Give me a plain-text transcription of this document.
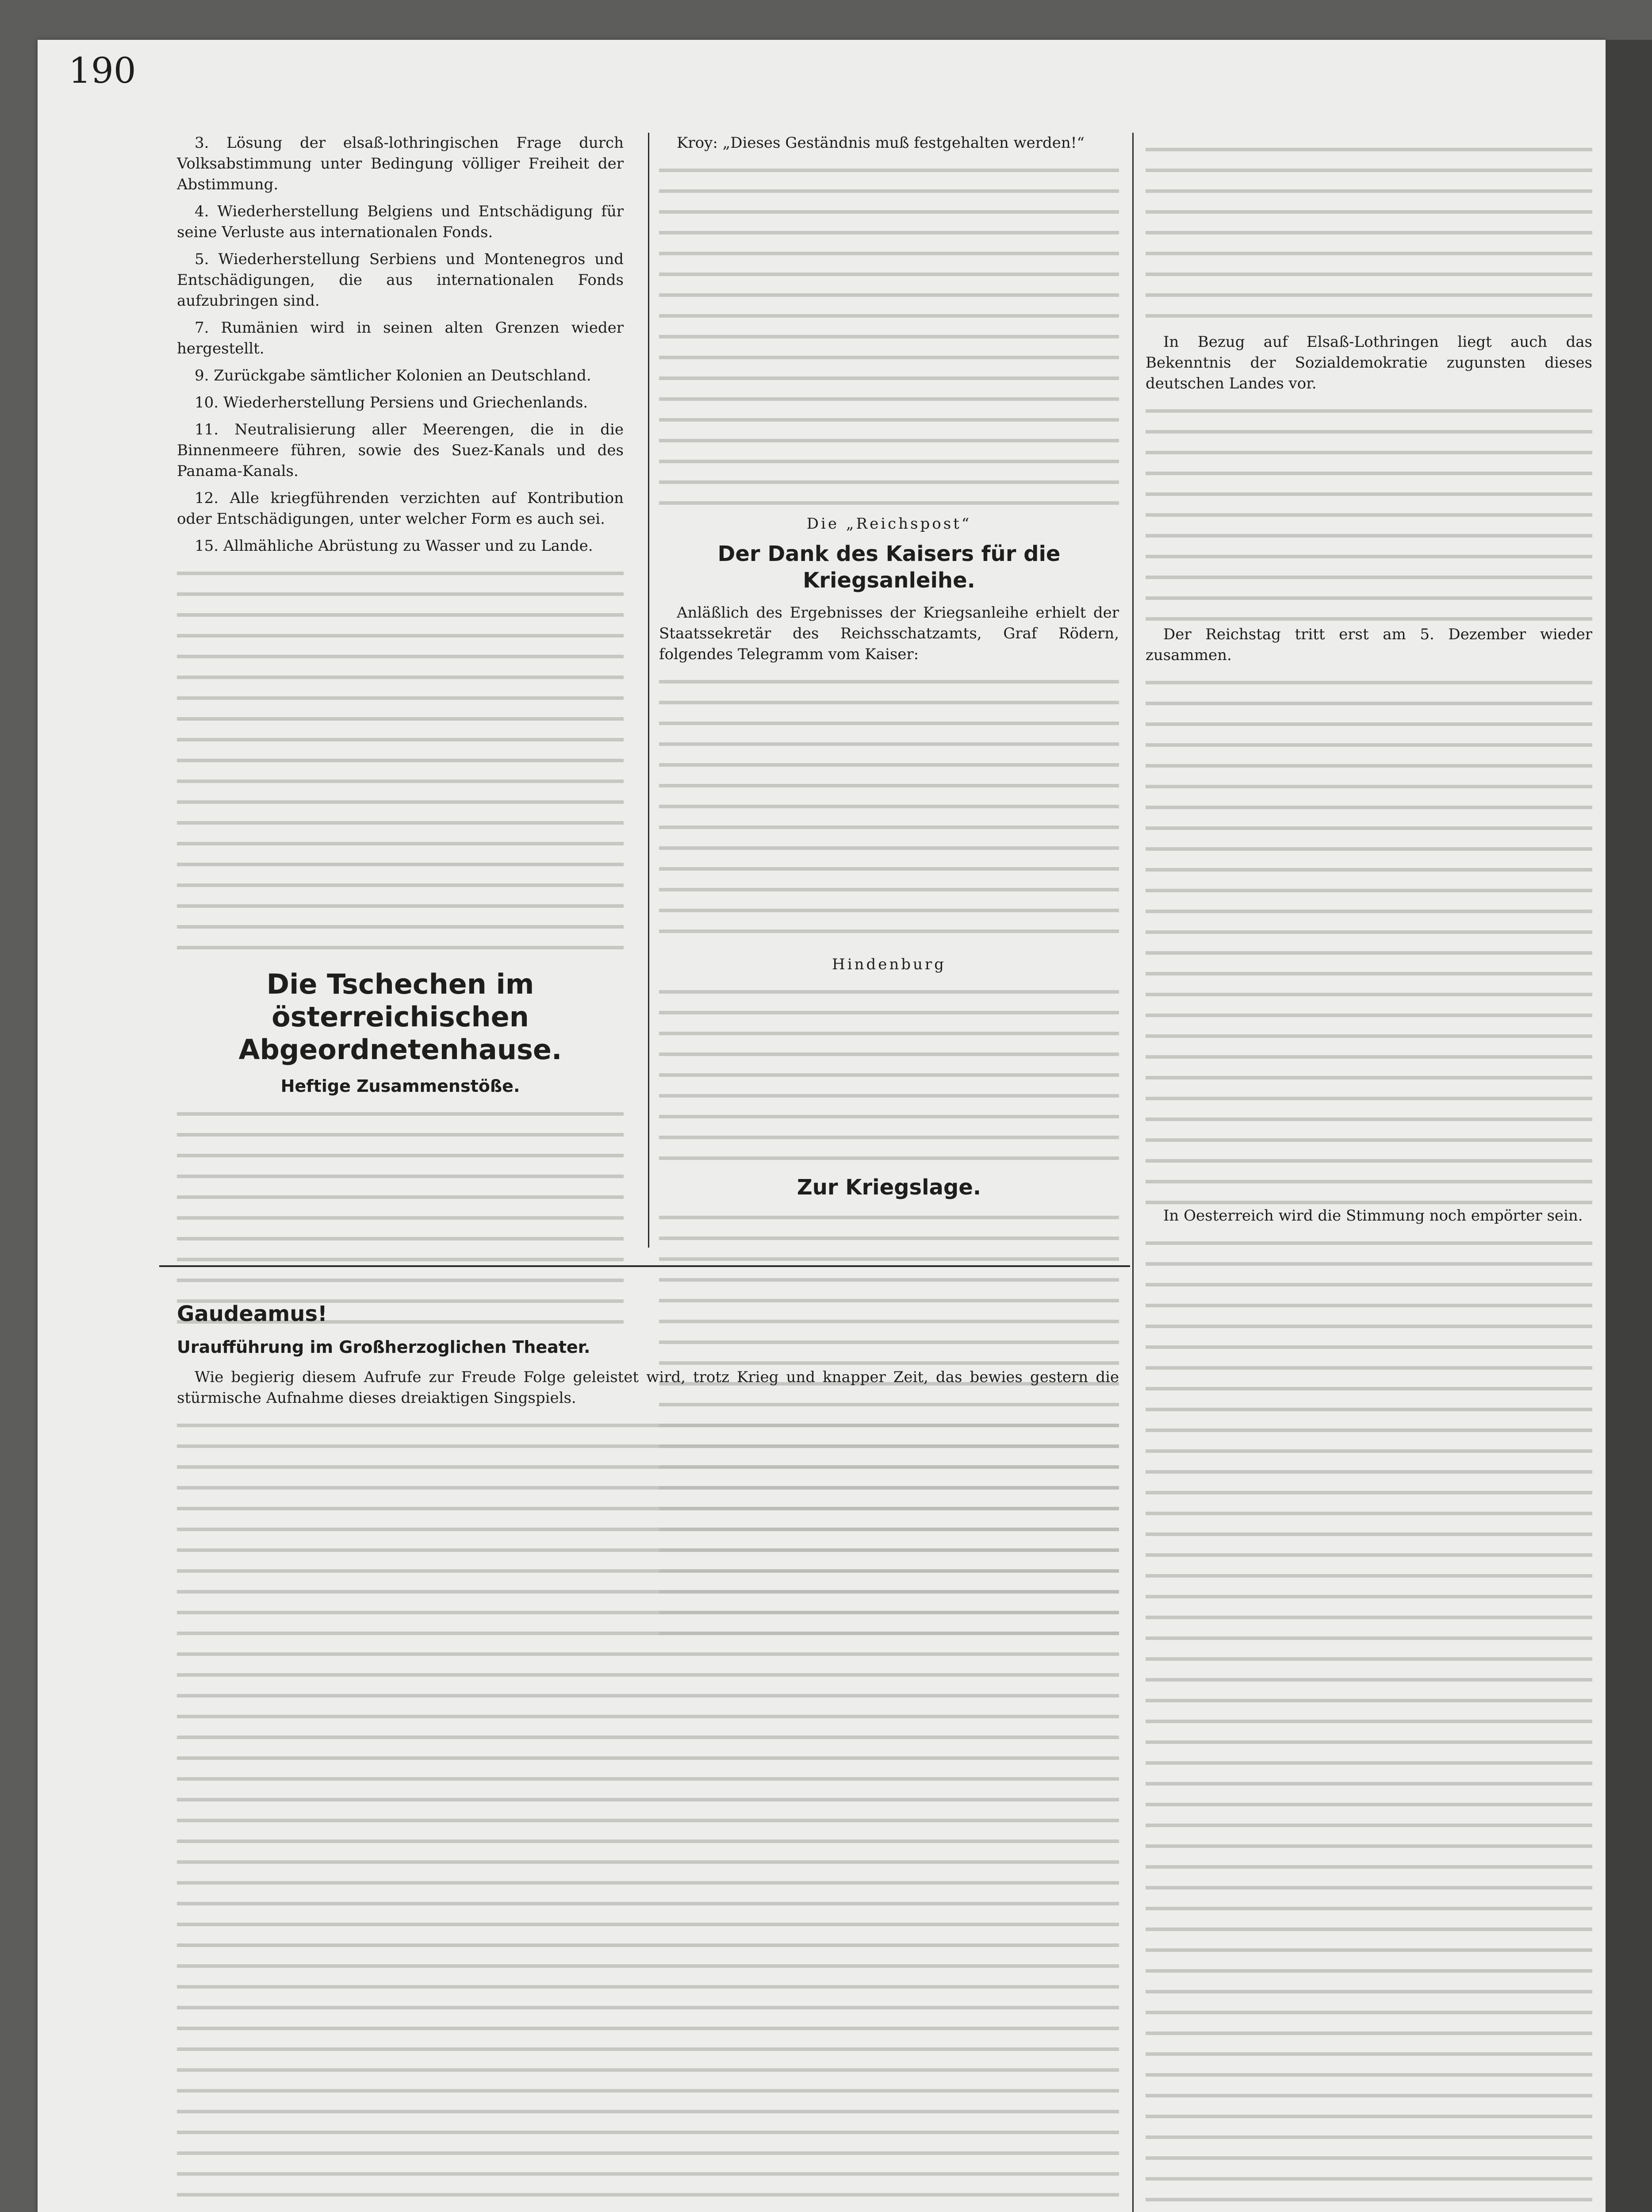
190

3. Lösung der elsaß-lothringischen Frage durch Volksabstimmung unter Bedingung völliger Freiheit der Abstimmung.

4. Wiederherstellung Belgiens und Entschädigung für seine Verluste aus internationalen Fonds.

5. Wiederherstellung Serbiens und Montenegros und Entschädigungen, die aus internationalen Fonds aufzubringen sind.

7. Rumänien wird in seinen alten Grenzen wieder hergestellt.

9. Zurückgabe sämtlicher Kolonien an Deutschland.

10. Wiederherstellung Persiens und Griechenlands.

11. Neutralisierung aller Meerengen, die in die Binnenmeere führen, sowie des Suez-Kanals und des Panama-Kanals.

12. Alle kriegführenden verzichten auf Kontribution oder Entschädigungen, unter welcher Form es auch sei.

15. Allmähliche Abrüstung zu Wasser und zu Lande.

Die Tschechen im österreichischen Abgeordnetenhause.
Heftige Zusammenstöße.

Kroy: „Dieses Geständnis muß festgehalten werden!“

Die „Reichspost“
Der Dank des Kaisers für die Kriegsanleihe.

Anläßlich des Ergebnisses der Kriegsanleihe erhielt der Staatssekretär des Reichsschatzamts, Graf Rödern, folgendes Telegramm vom Kaiser:

Hindenburg
Zur Kriegslage.

In Bezug auf Elsaß-Lothringen liegt auch das Bekenntnis der Sozialdemokratie zugunsten dieses deutschen Landes vor.

Der Reichstag tritt erst am 5. Dezember wieder zusammen.

In Oesterreich wird die Stimmung noch empörter sein.

Gaudeamus!
Uraufführung im Großherzoglichen Theater.

Wie begierig diesem Aufrufe zur Freude Folge geleistet wird, trotz Krieg und knapper Zeit, das bewies gestern die stürmische Aufnahme dieses dreiaktigen Singspiels.
